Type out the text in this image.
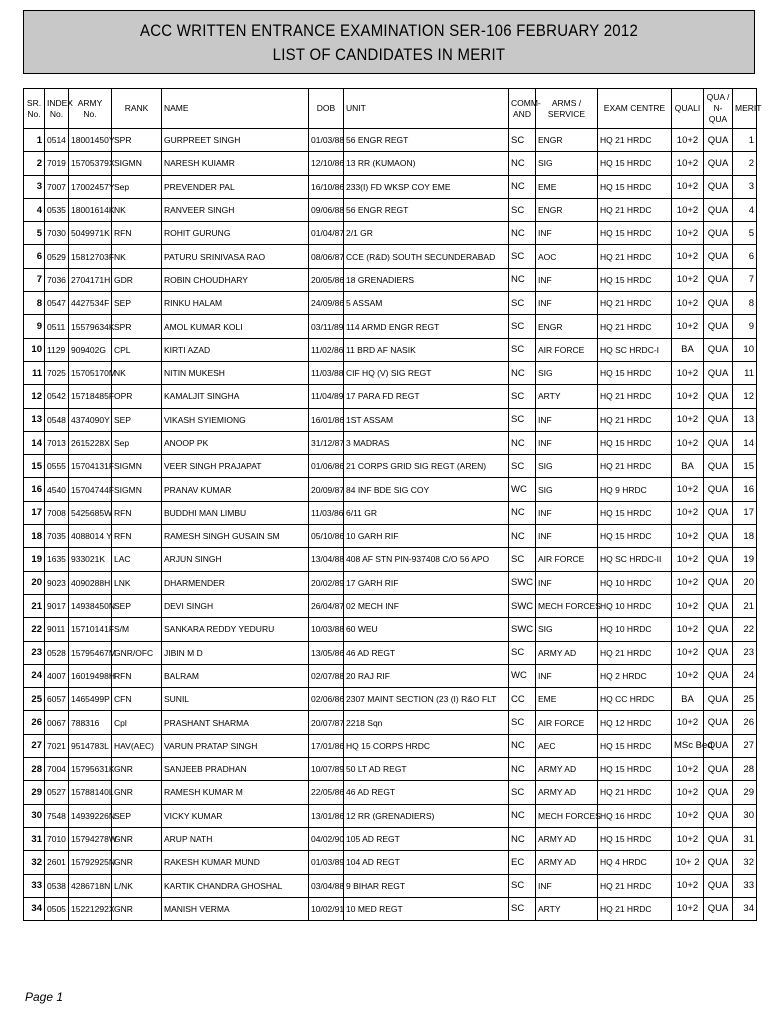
ACC WRITTEN ENTRANCE EXAMINATION SER-106 FEBRUARY 2012
LIST OF CANDIDATES IN MERIT
SR. No.	INDEX No.	ARMY No.	RANK	NAME	DOB	UNIT	COMM-AND	ARMS / SERVICE	EXAM CENTRE	QUALI	QUA / N-QUA	MERIT
1	0514	18001450Y	SPR	GURPREET SINGH	01/03/88	56 ENGR REGT	SC	ENGR	HQ 21 HRDC	10+2	QUA	1
2	7019	15705379X	SIGMN	NARESH KUIAMR	12/10/86	13 RR (KUMAON)	NC	SIG	HQ 15 HRDC	10+2	QUA	2
3	7007	17002457Y	Sep	PREVENDER PAL	16/10/86	233(I) FD WKSP COY EME	NC	EME	HQ 15 HRDC	10+2	QUA	3
4	0535	18001614K	NK	RANVEER SINGH	09/06/88	56 ENGR REGT	SC	ENGR	HQ 21 HRDC	10+2	QUA	4
5	7030	5049971K	RFN	ROHIT GURUNG	01/04/87	2/1 GR	NC	INF	HQ 15 HRDC	10+2	QUA	5
6	0529	15812703F	NK	PATURU SRINIVASA RAO	08/06/87	CCE (R&D) SOUTH SECUNDERABAD	SC	AOC	HQ 21 HRDC	10+2	QUA	6
7	7036	2704171H	GDR	ROBIN CHOUDHARY	20/05/86	18 GRENADIERS	NC	INF	HQ 15 HRDC	10+2	QUA	7
8	0547	4427534F	SEP	RINKU HALAM	24/09/86	5 ASSAM	SC	INF	HQ 21 HRDC	10+2	QUA	8
9	0511	15579634K	SPR	AMOL KUMAR KOLI	03/11/89	114 ARMD ENGR REGT	SC	ENGR	HQ 21 HRDC	10+2	QUA	9
10	1129	909402G	CPL	KIRTI AZAD	11/02/86	11 BRD AF NASIK	SC	AIR FORCE	HQ SC HRDC-I	BA	QUA	10
11	7025	15705170M	NK	NITIN MUKESH	11/03/88	CIF HQ (V) SIG REGT	NC	SIG	HQ 15 HRDC	10+2	QUA	11
12	0542	15718485F	OPR	KAMALJIT SINGHA	11/04/89	17 PARA FD REGT	SC	ARTY	HQ 21 HRDC	10+2	QUA	12
13	0548	4374090Y	SEP	VIKASH SYIEMIONG	16/01/86	1ST ASSAM	SC	INF	HQ 21 HRDC	10+2	QUA	13
14	7013	2615228X	Sep	ANOOP PK	31/12/87	3 MADRAS	NC	INF	HQ 15 HRDC	10+2	QUA	14
15	0555	15704131F	SIGMN	VEER SINGH PRAJAPAT	01/06/86	21 CORPS GRID SIG REGT (AREN)	SC	SIG	HQ 21 HRDC	BA	QUA	15
16	4540	15704744F	SIGMN	PRANAV KUMAR	20/09/87	84 INF BDE SIG COY	WC	SIG	HQ 9 HRDC	10+2	QUA	16
17	7008	5425685W	RFN	BUDDHI MAN LIMBU	11/03/86	6/11 GR	NC	INF	HQ 15 HRDC	10+2	QUA	17
18	7035	4088014 Y	RFN	RAMESH SINGH GUSAIN SM	05/10/86	10 GARH RIF	NC	INF	HQ 15 HRDC	10+2	QUA	18
19	1635	933021K	LAC	ARJUN SINGH	13/04/88	408 AF STN PIN-937408 C/O 56 APO	SC	AIR FORCE	HQ SC HRDC-II	10+2	QUA	19
20	9023	4090288H	LNK	DHARMENDER	20/02/89	17 GARH RIF	SWC	INF	HQ 10 HRDC	10+2	QUA	20
21	9017	14938450N	SEP	DEVI SINGH	26/04/87	02 MECH INF	SWC	MECH FORCES	HQ 10 HRDC	10+2	QUA	21
22	9011	15710141F	S/M	SANKARA REDDY YEDURU	10/03/88	60 WEU	SWC	SIG	HQ 10 HRDC	10+2	QUA	22
23	0528	15795467M	GNR/OFC	JIBIN M D	13/05/86	46 AD REGT	SC	ARMY AD	HQ 21 HRDC	10+2	QUA	23
24	4007	16019498H	RFN	BALRAM	02/07/88	20 RAJ RIF	WC	INF	HQ 2 HRDC	10+2	QUA	24
25	6057	1465499P	CFN	SUNIL	02/06/86	2307 MAINT SECTION (23 (I) R&O FLT	CC	EME	HQ CC HRDC	BA	QUA	25
26	0067	788316	Cpl	PRASHANT SHARMA	20/07/87	2218 Sqn	SC	AIR FORCE	HQ 12 HRDC	10+2	QUA	26
27	7021	9514783L	HAV(AEC)	VARUN PRATAP SINGH	17/01/86	HQ 15 CORPS HRDC	NC	AEC	HQ 15 HRDC	MSc Bed	QUA	27
28	7004	15795631K	GNR	SANJEEB PRADHAN	10/07/89	50 LT AD REGT	NC	ARMY AD	HQ 15 HRDC	10+2	QUA	28
29	0527	15788140L	GNR	RAMESH KUMAR M	22/05/86	46 AD REGT	SC	ARMY AD	HQ 21 HRDC	10+2	QUA	29
30	7548	14939226N	SEP	VICKY KUMAR	13/01/86	12 RR (GRENADIERS)	NC	MECH FORCES	HQ 16 HRDC	10+2	QUA	30
31	7010	15794278W	GNR	ARUP NATH	04/02/90	105 AD REGT	NC	ARMY AD	HQ 15 HRDC	10+2	QUA	31
32	2601	15792925N	GNR	RAKESH KUMAR MUND	01/03/89	104 AD REGT	EC	ARMY AD	HQ 4 HRDC	10+ 2	QUA	32
33	0538	4286718N	L/NK	KARTIK CHANDRA GHOSHAL	03/04/88	9 BIHAR REGT	SC	INF	HQ 21 HRDC	10+2	QUA	33
34	0505	15221292X	GNR	MANISH VERMA	10/02/91	10 MED REGT	SC	ARTY	HQ 21 HRDC	10+2	QUA	34
Page 1
